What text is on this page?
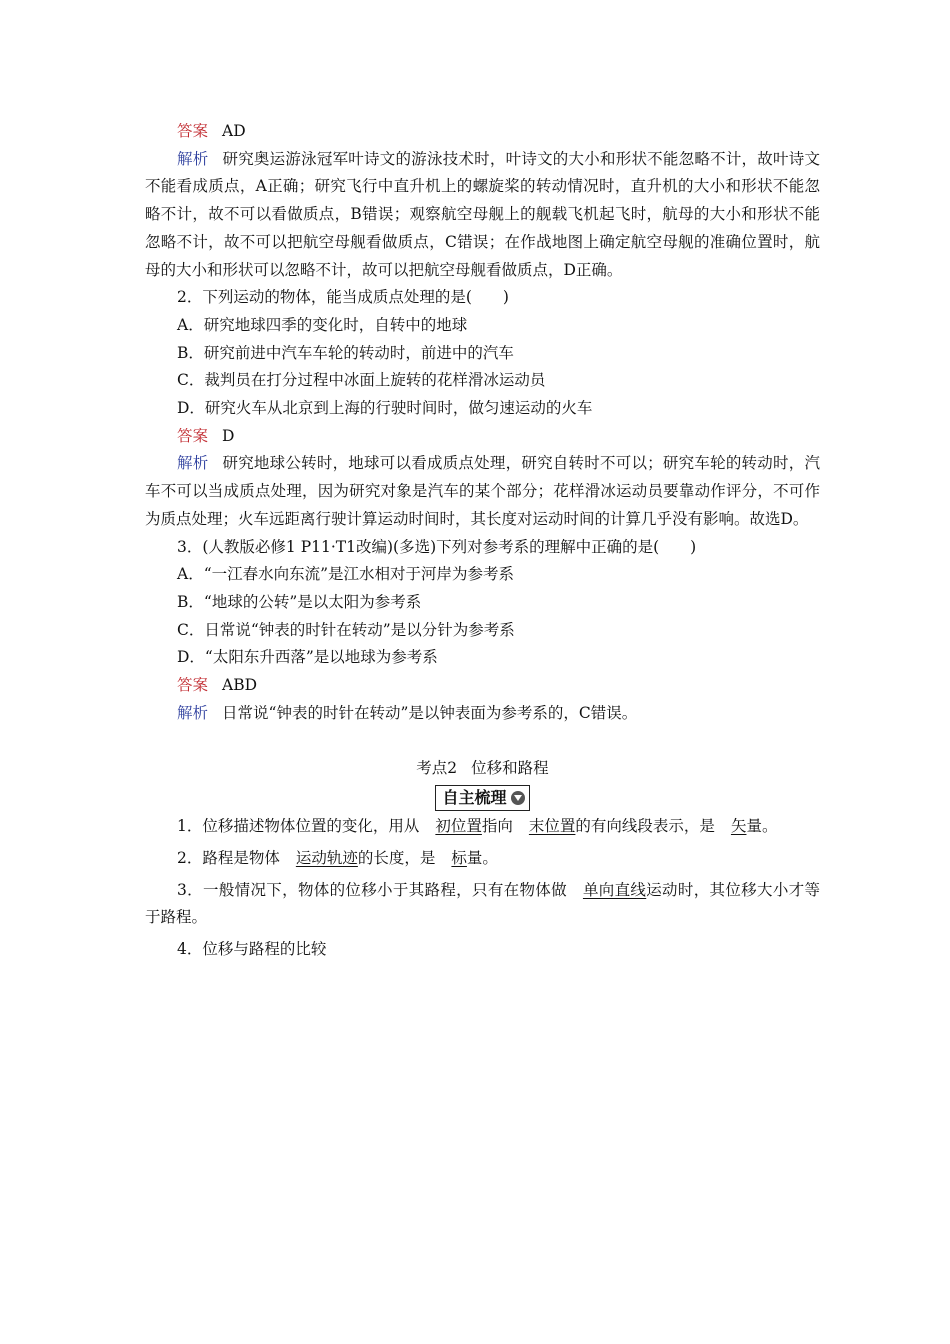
答案 AD

解析 研究奥运游泳冠军叶诗文的游泳技术时，叶诗文的大小和形状不能忽略不计，故叶诗文不能看成质点，A正确；研究飞行中直升机上的螺旋桨的转动情况时，直升机的大小和形状不能忽略不计，故不可以看做质点，B错误；观察航空母舰上的舰载飞机起飞时，航母的大小和形状不能忽略不计，故不可以把航空母舰看做质点，C错误；在作战地图上确定航空母舰的准确位置时，航母的大小和形状可以忽略不计，故可以把航空母舰看做质点，D正确。

2．下列运动的物体，能当成质点处理的是(　　)

A．研究地球四季的变化时，自转中的地球

B．研究前进中汽车车轮的转动时，前进中的汽车

C．裁判员在打分过程中冰面上旋转的花样滑冰运动员

D．研究火车从北京到上海的行驶时间时，做匀速运动的火车

答案 D

解析 研究地球公转时，地球可以看成质点处理，研究自转时不可以；研究车轮的转动时，汽车不可以当成质点处理，因为研究对象是汽车的某个部分；花样滑冰运动员要靠动作评分，不可作为质点处理；火车远距离行驶计算运动时间时，其长度对运动时间的计算几乎没有影响。故选D。

3．(人教版必修1 P11·T1改编)(多选)下列对参考系的理解中正确的是(　　)

A．“一江春水向东流”是江水相对于河岸为参考系

B．“地球的公转”是以太阳为参考系

C．日常说“钟表的时针在转动”是以分针为参考系

D．“太阳东升西落”是以地球为参考系

答案 ABD

解析 日常说“钟表的时针在转动”是以钟表面为参考系的，C错误。

考点2 位移和路程

自主梳理

1．位移描述物体位置的变化，用从 初位置指向 末位置的有向线段表示，是 矢量。

2．路程是物体 运动轨迹的长度，是 标量。

3．一般情况下，物体的位移小于其路程，只有在物体做 单向直线运动时，其位移大小才等于路程。

4．位移与路程的比较
